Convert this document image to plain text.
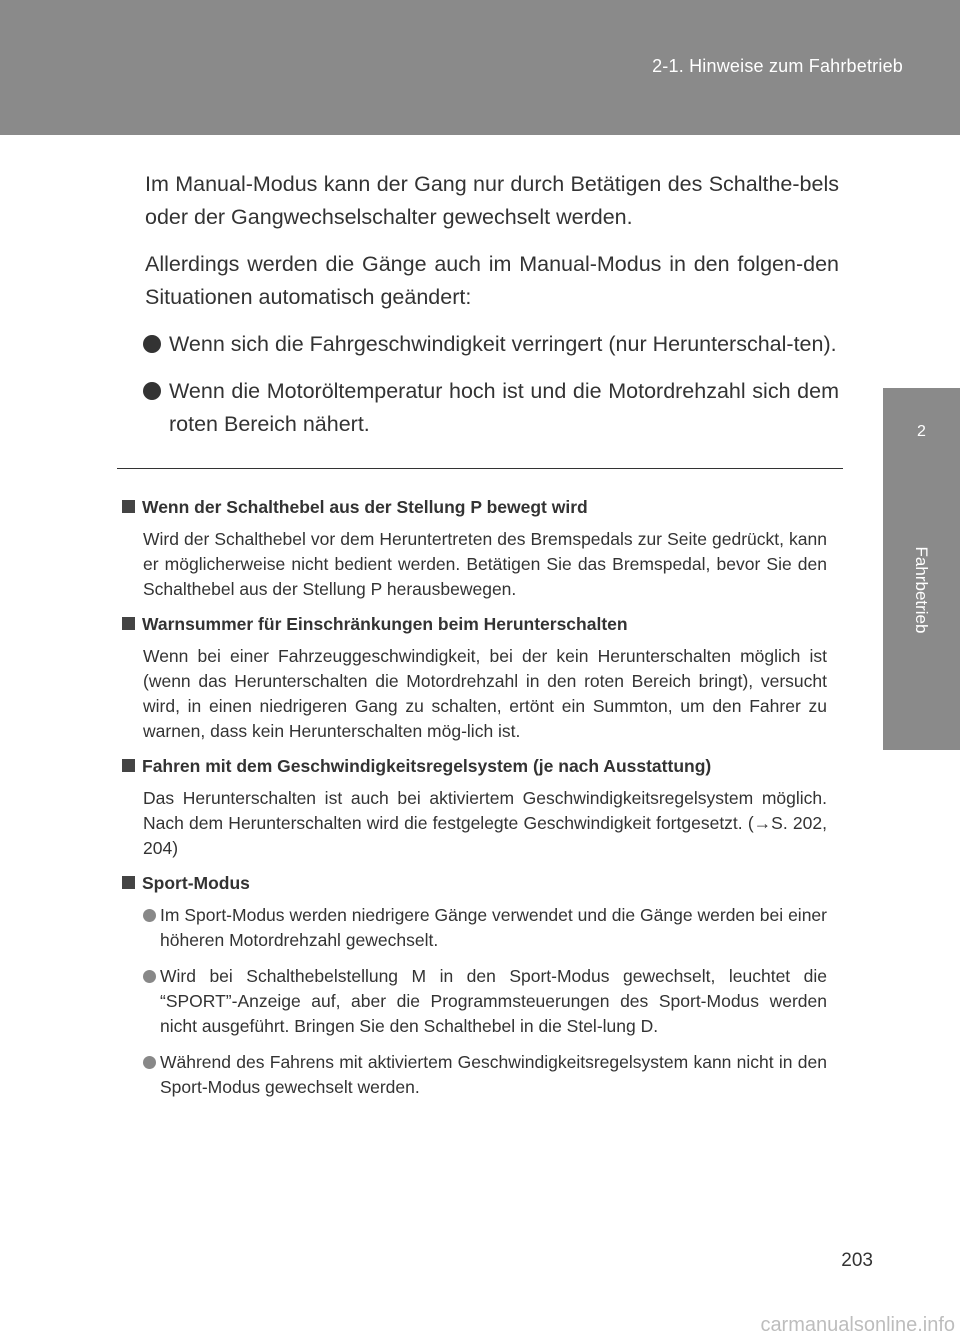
2-1. Hinweise zum Fahrbetrieb
2
Fahrbetrieb

Im Manual-Modus kann der Gang nur durch Betätigen des Schalthe-bels oder der Gangwechselschalter gewechselt werden.

Allerdings werden die Gänge auch im Manual-Modus in den folgen-den Situationen automatisch geändert:

Wenn sich die Fahrgeschwindigkeit verringert (nur Herunterschal-ten).
Wenn die Motoröltemperatur hoch ist und die Motordrehzahl sich dem roten Bereich nähert.
Wenn der Schalthebel aus der Stellung P bewegt wird
Wird der Schalthebel vor dem Heruntertreten des Bremspedals zur Seite gedrückt, kann er möglicherweise nicht bedient werden. Betätigen Sie das Bremspedal, bevor Sie den Schalthebel aus der Stellung P herausbewegen.
Warnsummer für Einschränkungen beim Herunterschalten
Wenn bei einer Fahrzeuggeschwindigkeit, bei der kein Herunterschalten möglich ist (wenn das Herunterschalten die Motordrehzahl in den roten Bereich bringt), versucht wird, in einen niedrigeren Gang zu schalten, ertönt ein Summton, um den Fahrer zu warnen, dass kein Herunterschalten mög-lich ist.
Fahren mit dem Geschwindigkeitsregelsystem (je nach Ausstattung)
Das Herunterschalten ist auch bei aktiviertem Geschwindigkeitsregelsystem möglich. Nach dem Herunterschalten wird die festgelegte Geschwindigkeit fortgesetzt. (→S. 202, 204)
Sport-Modus
Im Sport-Modus werden niedrigere Gänge verwendet und die Gänge werden bei einer höheren Motordrehzahl gewechselt.
Wird bei Schalthebelstellung M in den Sport-Modus gewechselt, leuchtet die “SPORT”-Anzeige auf, aber die Programmsteuerungen des Sport-Modus werden nicht ausgeführt. Bringen Sie den Schalthebel in die Stel-lung D.
Während des Fahrens mit aktiviertem Geschwindigkeitsregelsystem kann nicht in den Sport-Modus gewechselt werden.
203
carmanualsonline.info
